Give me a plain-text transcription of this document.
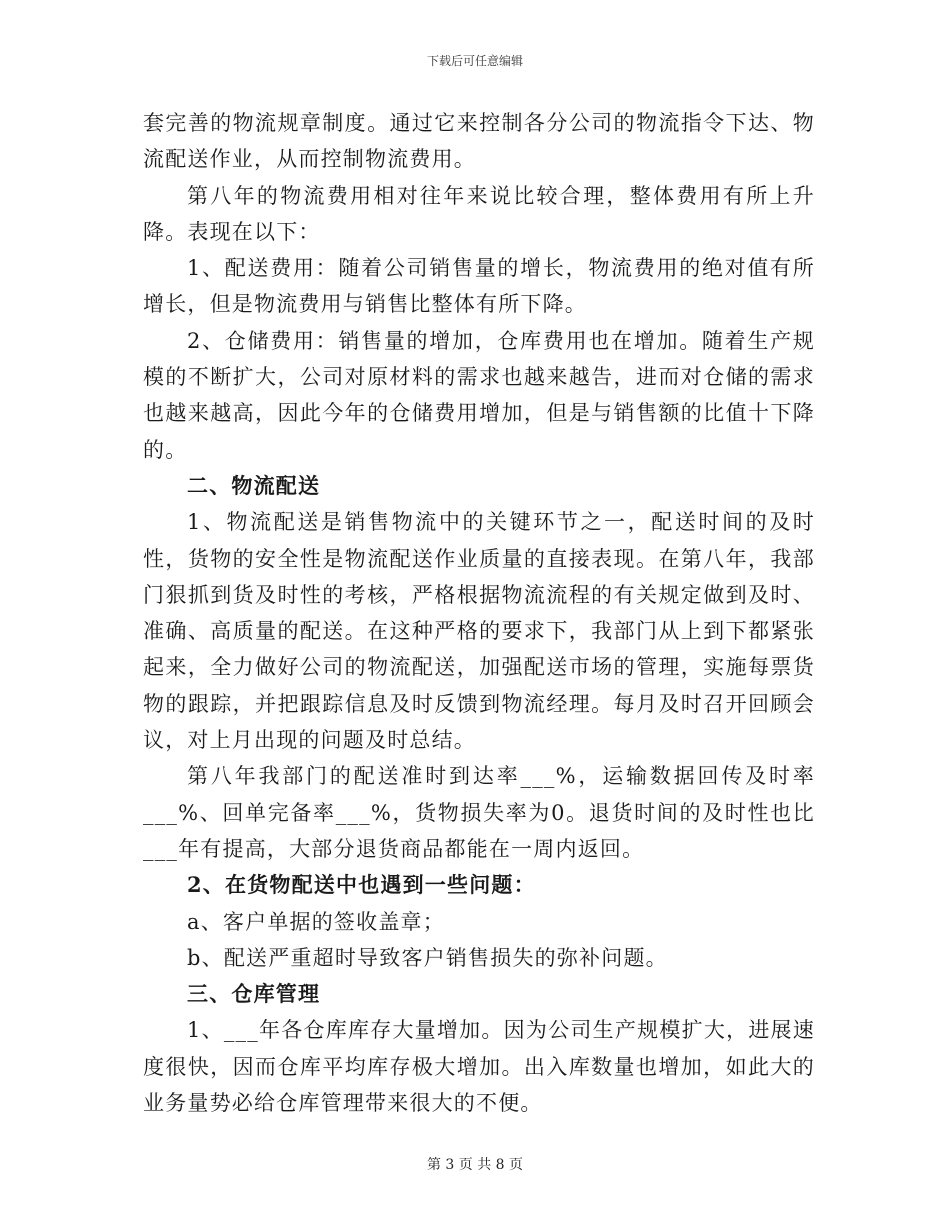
下载后可任意编辑

套完善的物流规章制度。通过它来控制各分公司的物流指令下达、物流配送作业，从而控制物流费用。

第八年的物流费用相对往年来说比较合理，整体费用有所上升降。表现在以下：

1、配送费用：随着公司销售量的增长，物流费用的绝对值有所增长，但是物流费用与销售比整体有所下降。

2、仓储费用：销售量的增加，仓库费用也在增加。随着生产规模的不断扩大，公司对原材料的需求也越来越告，进而对仓储的需求也越来越高，因此今年的仓储费用增加，但是与销售额的比值十下降的。

二、物流配送

1、物流配送是销售物流中的关键环节之一，配送时间的及时性，货物的安全性是物流配送作业质量的直接表现。在第八年，我部门狠抓到货及时性的考核，严格根据物流流程的有关规定做到及时、准确、高质量的配送。在这种严格的要求下，我部门从上到下都紧张起来，全力做好公司的物流配送，加强配送市场的管理，实施每票货物的跟踪，并把跟踪信息及时反馈到物流经理。每月及时召开回顾会议，对上月出现的问题及时总结。

第八年我部门的配送准时到达率___%，运输数据回传及时率___%、回单完备率___%，货物损失率为0。退货时间的及时性也比___年有提高，大部分退货商品都能在一周内返回。

2、在货物配送中也遇到一些问题：

a、客户单据的签收盖章；

b、配送严重超时导致客户销售损失的弥补问题。

三、仓库管理

1、___年各仓库库存大量增加。因为公司生产规模扩大，进展速度很快，因而仓库平均库存极大增加。出入库数量也增加，如此大的业务量势必给仓库管理带来很大的不便。

第 3 页 共 8 页
